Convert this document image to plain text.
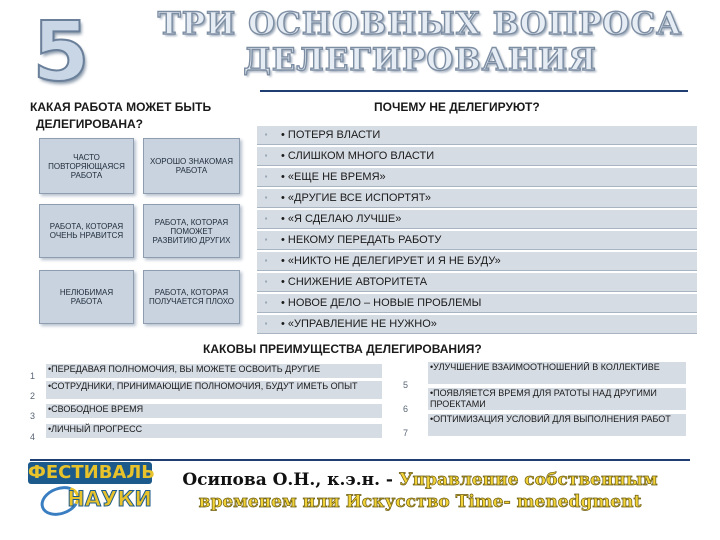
5	ТРИ ОСНОВНЫХ ВОПРОСА
ДЕЛЕГИРОВАНИЯ
КАКАЯ РАБОТА МОЖЕТ БЫТЬ
ДЕЛЕГИРОВАНА?
ПОЧЕМУ НЕ ДЕЛЕГИРУЮТ?
ЧАСТО ПОВТОРЯЮЩАЯСЯ РАБОТА
ХОРОШО ЗНАКОМАЯ РАБОТА
РАБОТА, КОТОРАЯ ОЧЕНЬ НРАВИТСЯ
РАБОТА, КОТОРАЯ ПОМОЖЕТ РАЗВИТИЮ ДРУГИХ
НЕЛЮБИМАЯ РАБОТА
РАБОТА, КОТОРАЯ ПОЛУЧАЕТСЯ ПЛОХО
▪	• ПОТЕРЯ ВЛАСТИ
▪	• СЛИШКОМ МНОГО ВЛАСТИ
▪	• «ЕЩЕ НЕ ВРЕМЯ»
▪	• «ДРУГИЕ ВСЕ ИСПОРТЯТ»
▪	• «Я СДЕЛАЮ ЛУЧШЕ»
▪	• НЕКОМУ ПЕРЕДАТЬ РАБОТУ
▪	• «НИКТО НЕ ДЕЛЕГИРУЕТ И Я НЕ БУДУ»
▪	• СНИЖЕНИЕ АВТОРИТЕТА
▪	• НОВОЕ ДЕЛО – НОВЫЕ ПРОБЛЕМЫ
▪	• «УПРАВЛЕНИЕ НЕ НУЖНО»
КАКОВЫ ПРЕИМУЩЕСТВА ДЕЛЕГИРОВАНИЯ?
1
•ПЕРЕДАВАЯ ПОЛНОМОЧИЯ, ВЫ МОЖЕТЕ ОСВОИТЬ ДРУГИЕ
2
•СОТРУДНИКИ, ПРИНИМАЮЩИЕ ПОЛНОМОЧИЯ, БУДУТ ИМЕТЬ ОПЫТ
3
•СВОБОДНОЕ ВРЕМЯ
4
•ЛИЧНЫЙ ПРОГРЕСС
5
•УЛУЧШЕНИЕ ВЗАИМООТНОШЕНИЙ В КОЛЛЕКТИВЕ
6
•ПОЯВЛЯЕТСЯ ВРЕМЯ ДЛЯ РАТОТЫ НАД ДРУГИМИ ПРОЕКТАМИ
7
•ОПТИМИЗАЦИЯ УСЛОВИЙ ДЛЯ ВЫПОЛНЕНИЯ РАБОТ
ФЕСТИВАЛЬ
НАУКИ
Осипова О.Н., к.э.н. - Управление собственным временем или Искусство Time- menedgment
